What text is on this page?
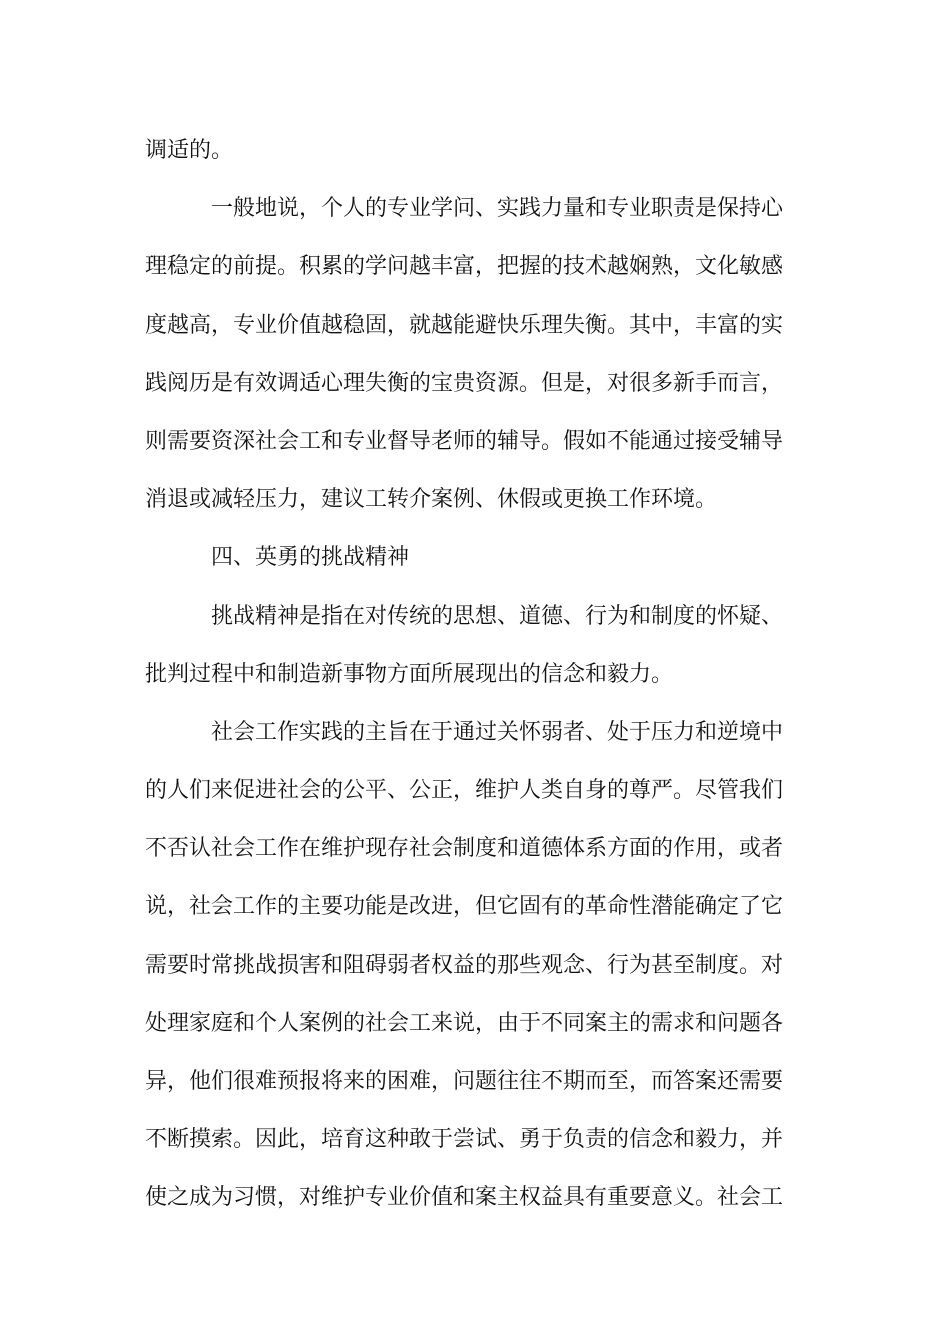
调适的。
一般地说，个人的专业学问、实践力量和专业职责是保持心
理稳定的前提。积累的学问越丰富，把握的技术越娴熟，文化敏感
度越高，专业价值越稳固，就越能避快乐理失衡。其中，丰富的实
践阅历是有效调适心理失衡的宝贵资源。但是，对很多新手而言，
则需要资深社会工和专业督导老师的辅导。假如不能通过接受辅导
消退或减轻压力，建议工转介案例、休假或更换工作环境。
四、英勇的挑战精神
挑战精神是指在对传统的思想、道德、行为和制度的怀疑、
批判过程中和制造新事物方面所展现出的信念和毅力。
社会工作实践的主旨在于通过关怀弱者、处于压力和逆境中
的人们来促进社会的公平、公正，维护人类自身的尊严。尽管我们
不否认社会工作在维护现存社会制度和道德体系方面的作用，或者
说，社会工作的主要功能是改进，但它固有的革命性潜能确定了它
需要时常挑战损害和阻碍弱者权益的那些观念、行为甚至制度。对
处理家庭和个人案例的社会工来说，由于不同案主的需求和问题各
异，他们很难预报将来的困难，问题往往不期而至，而答案还需要
不断摸索。因此，培育这种敢于尝试、勇于负责的信念和毅力，并
使之成为习惯，对维护专业价值和案主权益具有重要意义。社会工
